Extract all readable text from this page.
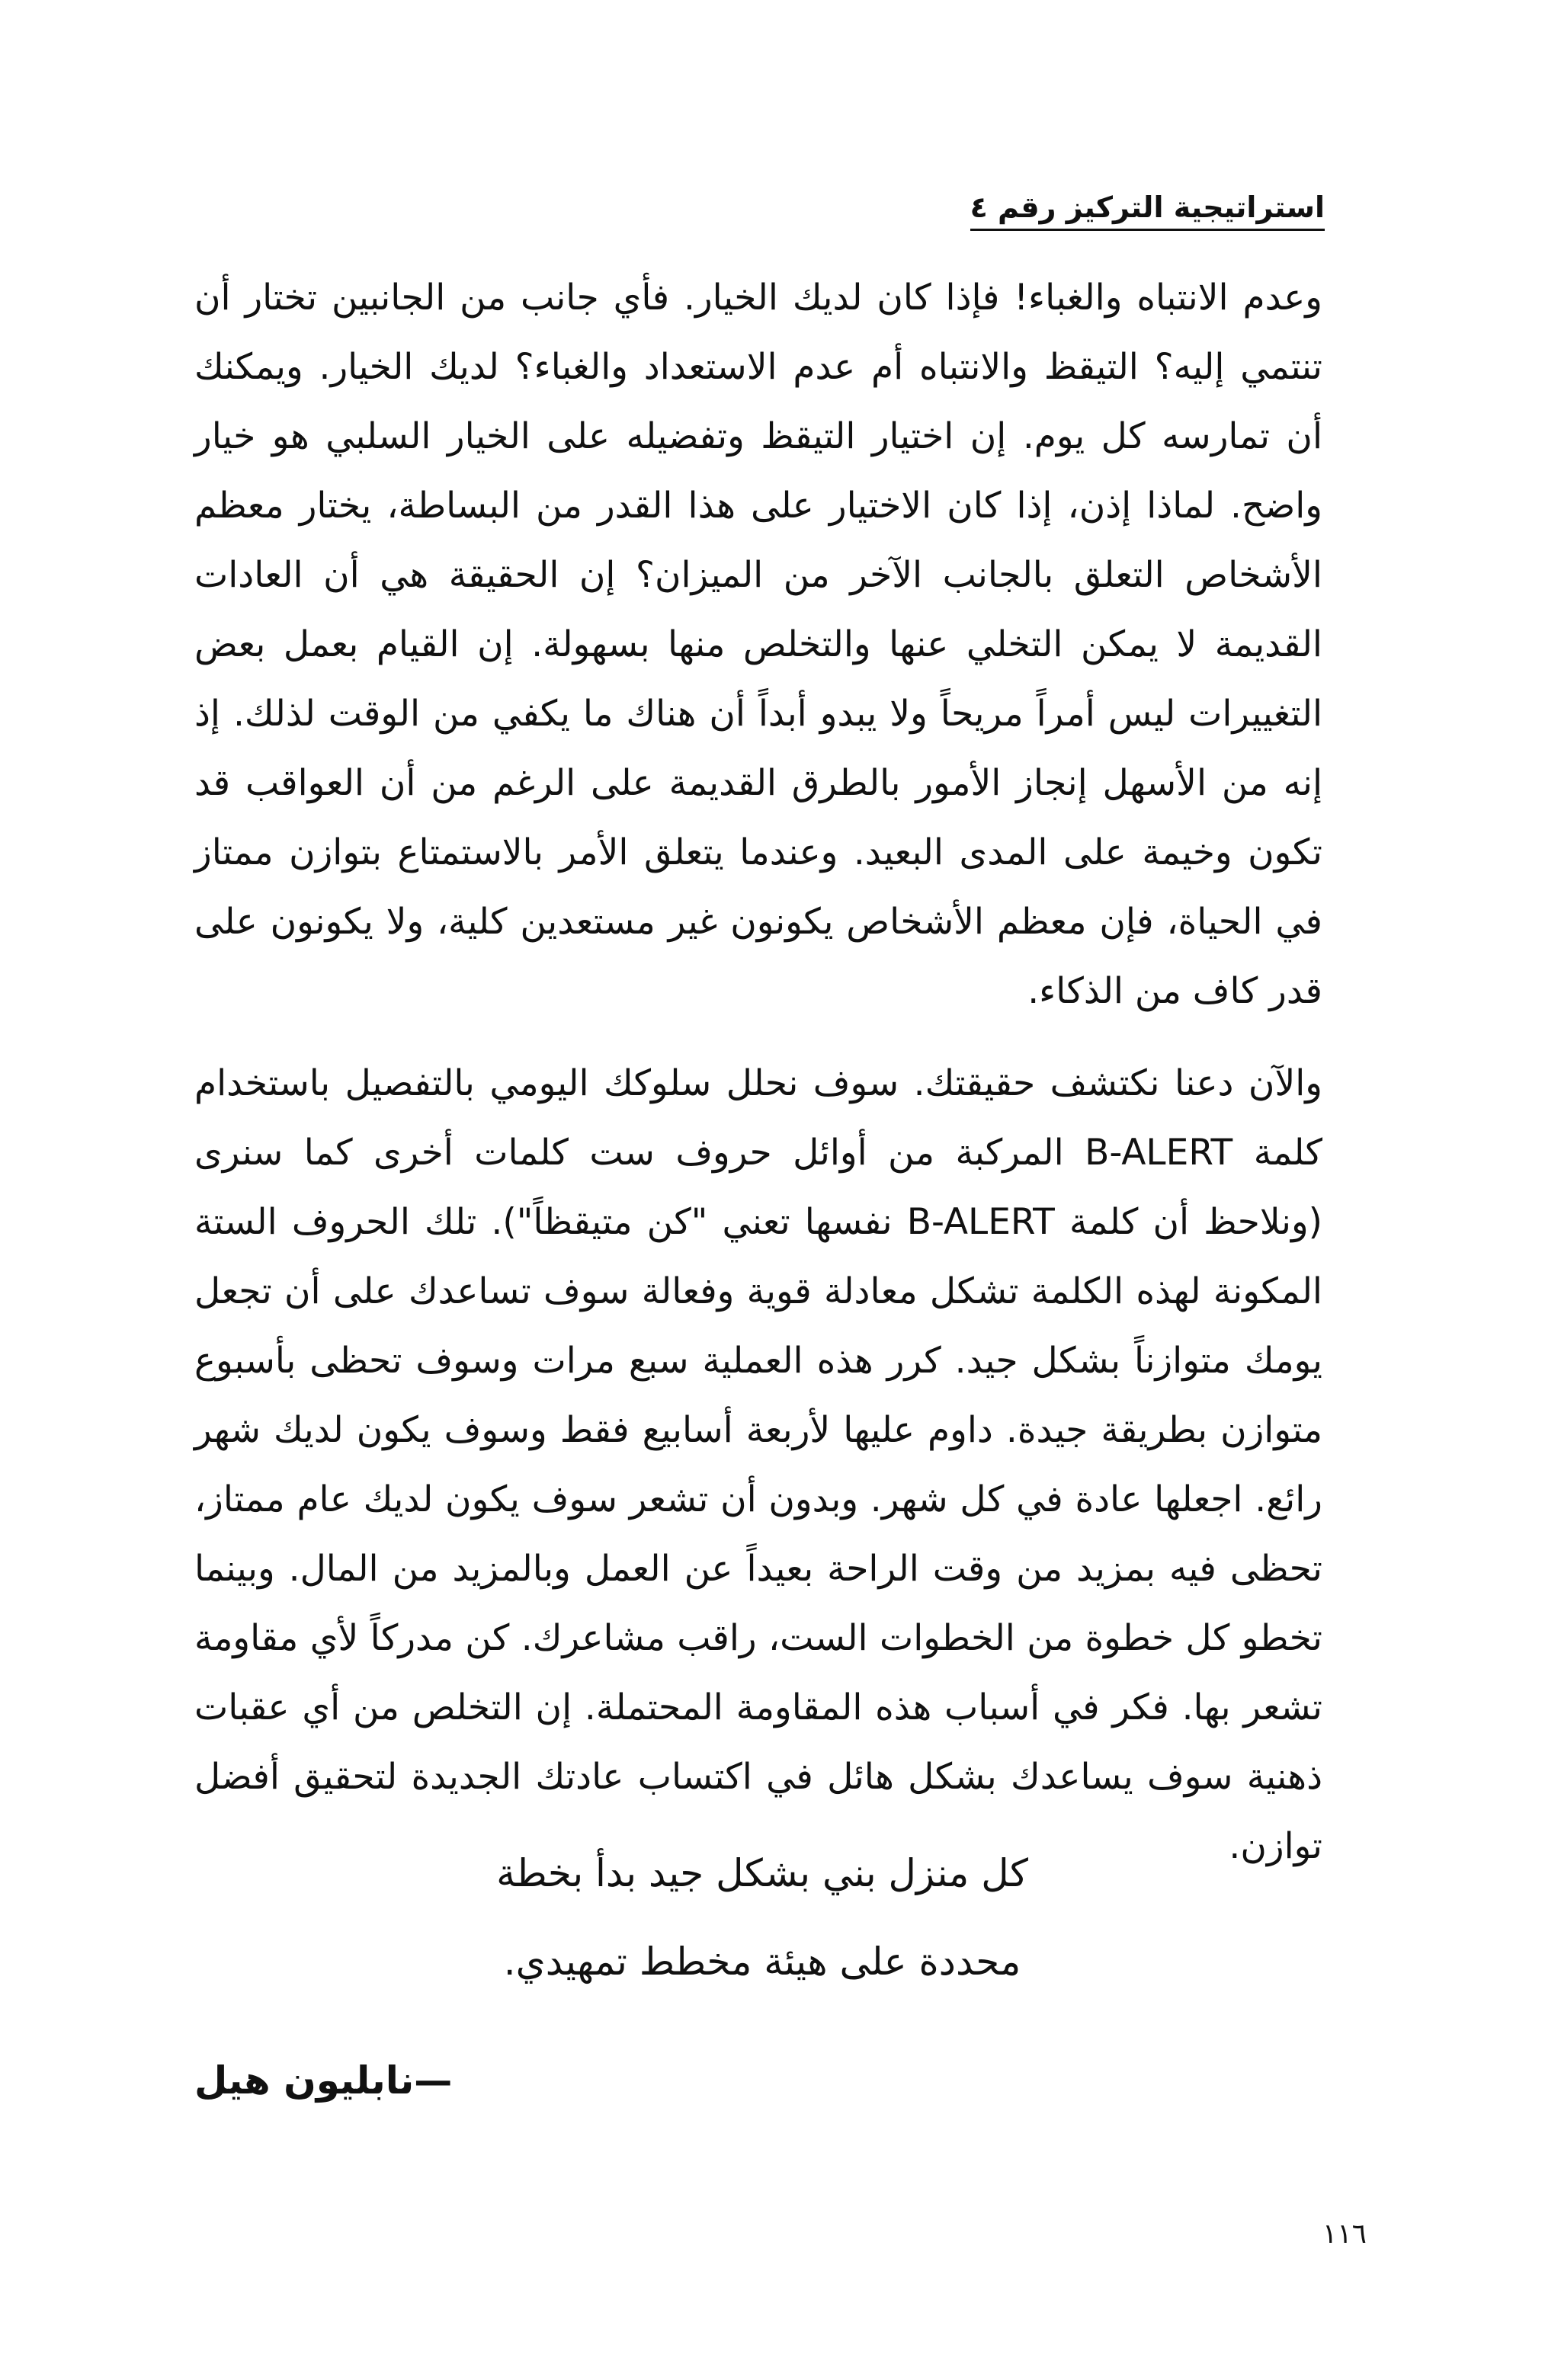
استراتيجية التركيز رقم ٤

وعدم الانتباه والغباء! فإذا كان لديك الخيار. فأي جانب من الجانبين تختار أن تنتمي إليه؟ التيقظ والانتباه أم عدم الاستعداد والغباء؟ لديك الخيار. ويمكنك أن تمارسه كل يوم. إن اختيار التيقظ وتفضيله على الخيار السلبي هو خيار واضح. لماذا إذن، إذا كان الاختيار على هذا القدر من البساطة، يختار معظم الأشخاص التعلق بالجانب الآخر من الميزان؟ إن الحقيقة هي أن العادات القديمة لا يمكن التخلي عنها والتخلص منها بسهولة. إن القيام بعمل بعض التغييرات ليس أمراً مريحاً ولا يبدو أبداً أن هناك ما يكفي من الوقت لذلك. إذ إنه من الأسهل إنجاز الأمور بالطرق القديمة على الرغم من أن العواقب قد تكون وخيمة على المدى البعيد. وعندما يتعلق الأمر بالاستمتاع بتوازن ممتاز في الحياة، فإن معظم الأشخاص يكونون غير مستعدين كلية، ولا يكونون على قدر كاف من الذكاء.

والآن دعنا نكتشف حقيقتك. سوف نحلل سلوكك اليومي بالتفصيل باستخدام كلمة B-ALERT المركبة من أوائل حروف ست كلمات أخرى كما سنرى (ونلاحظ أن كلمة B-ALERT نفسها تعني "كن متيقظاً"). تلك الحروف الستة المكونة لهذه الكلمة تشكل معادلة قوية وفعالة سوف تساعدك على أن تجعل يومك متوازناً بشكل جيد. كرر هذه العملية سبع مرات وسوف تحظى بأسبوع متوازن بطريقة جيدة. داوم عليها لأربعة أسابيع فقط وسوف يكون لديك شهر رائع. اجعلها عادة في كل شهر. وبدون أن تشعر سوف يكون لديك عام ممتاز، تحظى فيه بمزيد من وقت الراحة بعيداً عن العمل وبالمزيد من المال. وبينما تخطو كل خطوة من الخطوات الست، راقب مشاعرك. كن مدركاً لأي مقاومة تشعر بها. فكر في أسباب هذه المقاومة المحتملة. إن التخلص من أي عقبات ذهنية سوف يساعدك بشكل هائل في اكتساب عادتك الجديدة لتحقيق أفضل توازن.

كل منزل بني بشكل جيد بدأ بخطة
محددة على هيئة مخطط تمهيدي.
—نابليون هيل
١١٦
